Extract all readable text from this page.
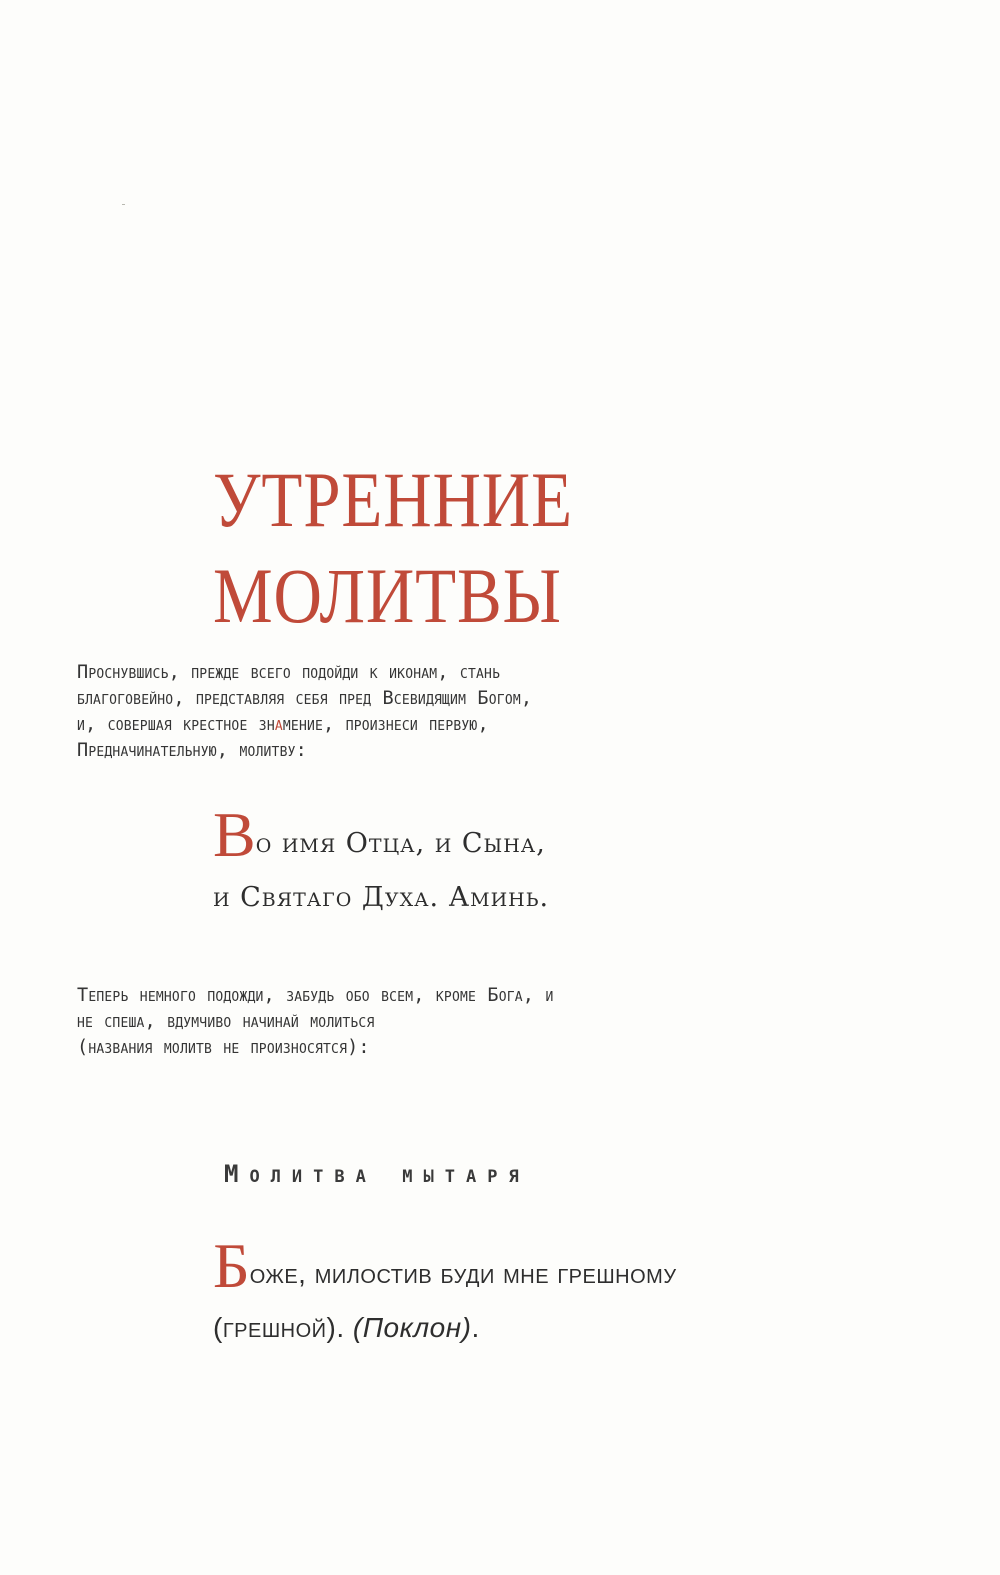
УТРЕННИЕ
МОЛИТВЫ

Проснувшись, прежде всего подойди к иконам, стань
благоговейно, представляя себя пред Всевидящим Богом,
и, совершая крестное знамение, произнеси первую,
Предначинательную, молитву:

Во имя Отца, и Сына,
и Святаго Духа. Аминь.

Теперь немного подожди, забудь обо всем, кроме Бога, и
не спеша, вдумчиво начинай молиться
(названия молитв не произносятся):

Молитва мытаря

Боже, милостив буди мне грешному
(грешной). (Поклон).
